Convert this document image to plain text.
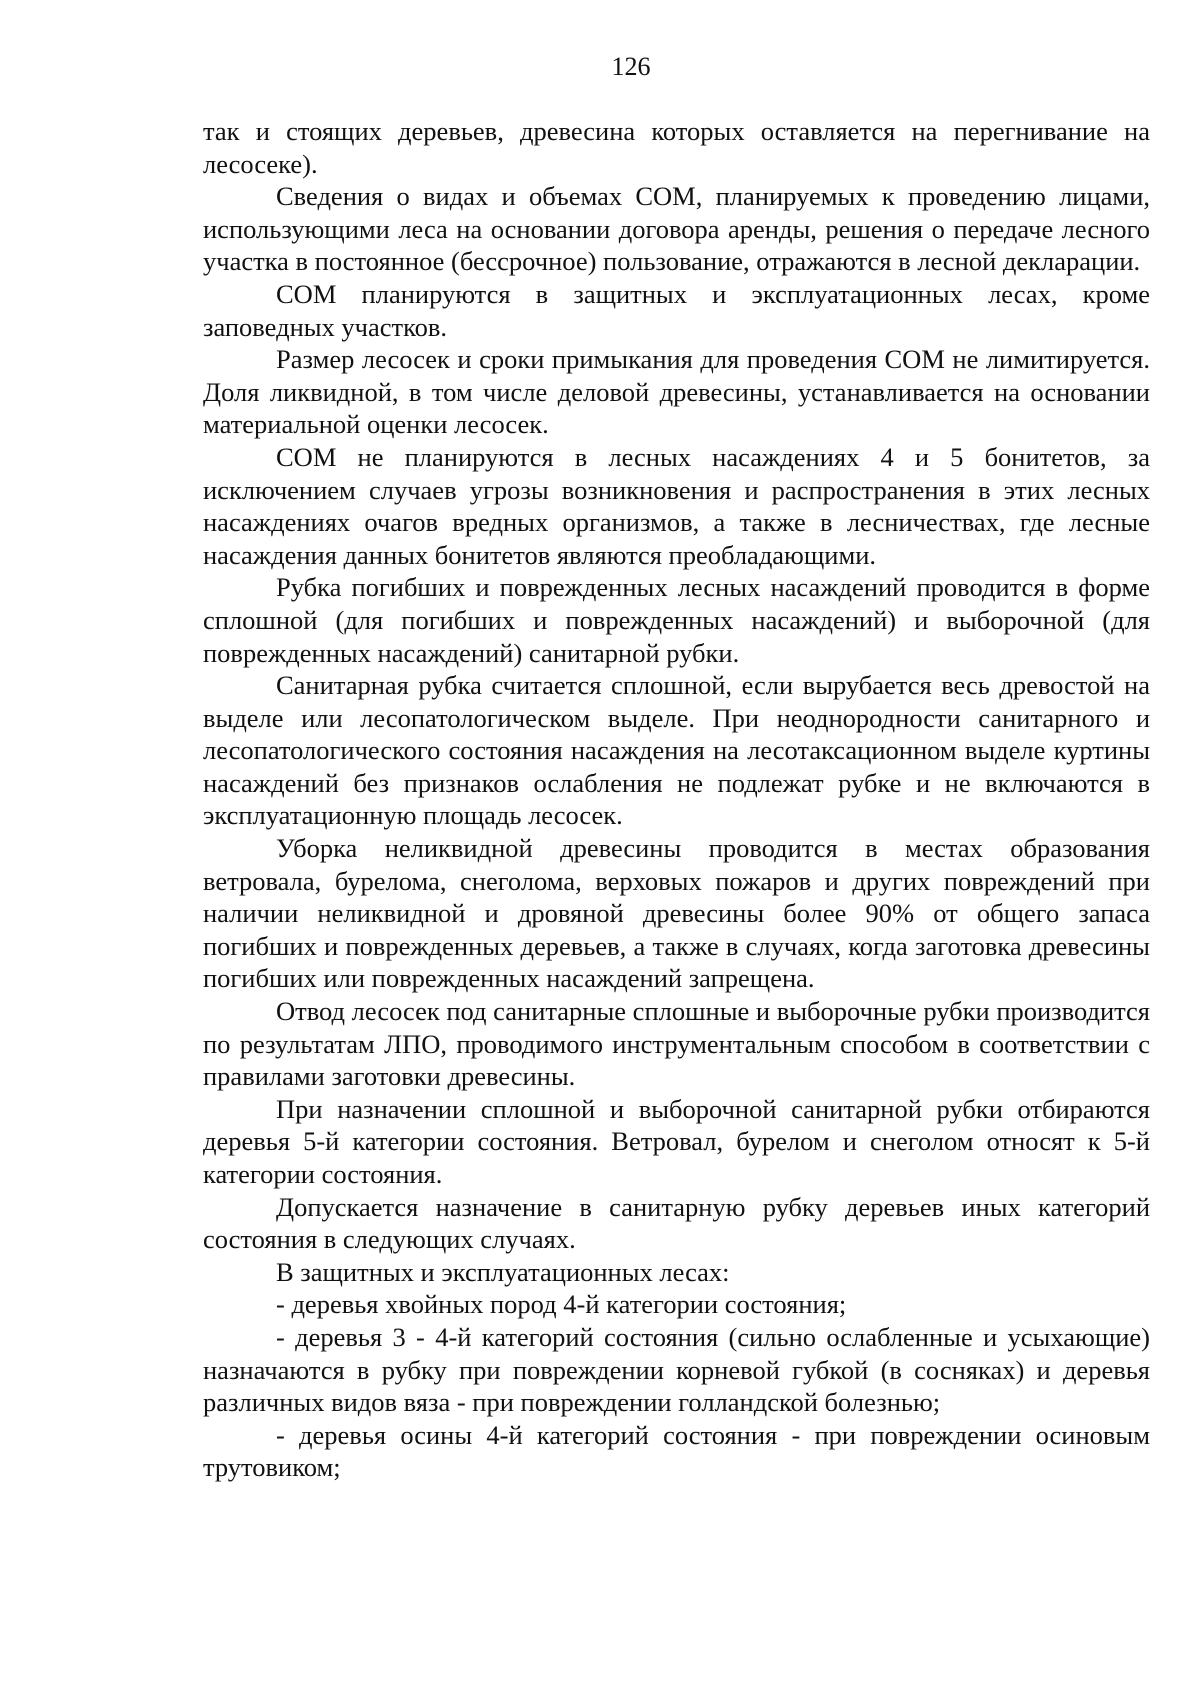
126

так и стоящих деревьев, древесина которых оставляется на перегнивание на лесосеке).

Сведения о видах и объемах СОМ, планируемых к проведению лицами, использующими леса на основании договора аренды, решения о передаче лесного участка в постоянное (бессрочное) пользование, отражаются в лесной декларации.

СОМ планируются в защитных и эксплуатационных лесах, кроме заповедных участков.

Размер лесосек и сроки примыкания для проведения СОМ не лимитируется. Доля ликвидной, в том числе деловой древесины, устанавливается на основании материальной оценки лесосек.

СОМ не планируются в лесных насаждениях 4 и 5 бонитетов, за исключением случаев угрозы возникновения и распространения в этих лесных насаждениях очагов вредных организмов, а также в лесничествах, где лесные насаждения данных бонитетов являются преобладающими.

Рубка погибших и поврежденных лесных насаждений проводится в форме сплошной (для погибших и поврежденных насаждений) и выборочной (для поврежденных насаждений) санитарной рубки.

Санитарная рубка считается сплошной, если вырубается весь древостой на выделе или лесопатологическом выделе. При неоднородности санитарного и лесопатологического состояния насаждения на лесотаксационном выделе куртины насаждений без признаков ослабления не подлежат рубке и не включаются в эксплуатационную площадь лесосек.

Уборка неликвидной древесины проводится в местах образования ветровала, бурелома, снеголома, верховых пожаров и других повреждений при наличии неликвидной и дровяной древесины более 90% от общего запаса погибших и поврежденных деревьев, а также в случаях, когда заготовка древесины погибших или поврежденных насаждений запрещена.

Отвод лесосек под санитарные сплошные и выборочные рубки производится по результатам ЛПО, проводимого инструментальным способом в соответствии с правилами заготовки древесины.

При назначении сплошной и выборочной санитарной рубки отбираются деревья 5-й категории состояния. Ветровал, бурелом и снеголом относят к 5-й категории состояния.

Допускается назначение в санитарную рубку деревьев иных категорий состояния в следующих случаях.

В защитных и эксплуатационных лесах:

- деревья хвойных пород 4-й категории состояния;

- деревья 3 - 4-й категорий состояния (сильно ослабленные и усыхающие) назначаются в рубку при повреждении корневой губкой (в сосняках) и деревья различных видов вяза - при повреждении голландской болезнью;

- деревья осины 4-й категорий состояния - при повреждении осиновым трутовиком;
